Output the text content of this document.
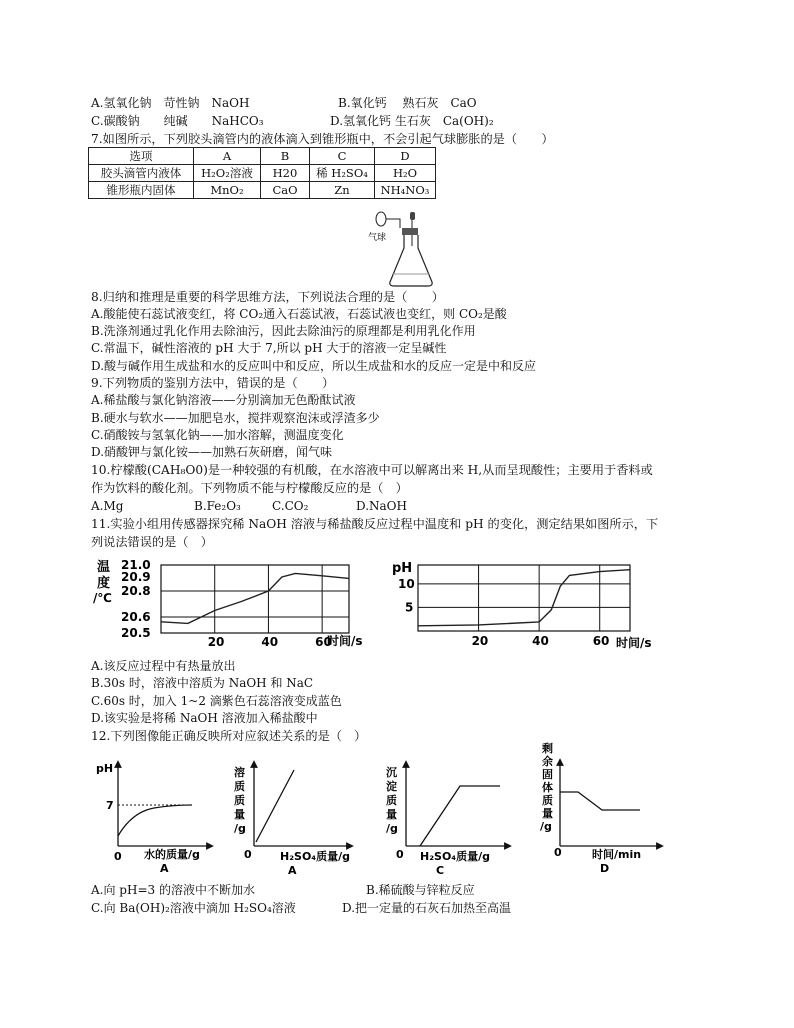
A.氢氧化钠　苛性钠　NaOH	B.氧化钙　 熟石灰　CaO
C.碳酸钠　　纯碱　　NaHCO₃	D.氢氧化钙 生石灰　Ca(OH)₂
7.如图所示，下列胶头滴管内的液体滴入到锥形瓶中，不会引起气球膨胀的是（　　）
选项	A	B	C	D
胶头滴管内液体	H₂O₂溶液	H20	稀 H₂SO₄	H₂O
锥形瓶内固体	MnO₂	CaO	Zn	NH₄NO₃
气球
8.归纳和推理是重要的科学思维方法，下列说法合理的是（　　）
A.酸能使石蕊试液变红，将 CO₂通入石蕊试液，石蕊试液也变红，则 CO₂是酸
B.洗涤剂通过乳化作用去除油污，因此去除油污的原理都是利用乳化作用
C.常温下，碱性溶液的 pH 大于 7,所以 pH 大于的溶液一定呈碱性
D.酸与碱作用生成盐和水的反应叫中和反应，所以生成盐和水的反应一定是中和反应
9.下列物质的鉴别方法中，错误的是（　　）
A.稀盐酸与氯化钠溶液——分别滴加无色酚酞试液
B.硬水与软水——加肥皂水，搅拌观察泡沫或浮渣多少
C.硝酸铵与氢氧化钠——加水溶解，测温度变化
D.硝酸钾与氯化铵——加熟石灰研磨，闻气味
10.柠檬酸(CAH₈O0)是一种较强的有机酸，在水溶液中可以解离出来 H,从而呈现酸性；主要用于香料或
作为饮料的酸化剂。下列物质不能与柠檬酸反应的是（　）
A.Mg	B.Fe₂O₃	C.CO₂	D.NaOH
11.实验小组用传感器探究稀 NaOH 溶液与稀盐酸反应过程中温度和 pH 的变化，测定结果如图所示，下
列说法错误的是（　）
温
度
/℃
20	40	60
20.5
20.6
20.8
20.9
21.0
时间/s
pH
20	40	60
5
10
时间/s
A.该反应过程中有热量放出
B.30s 时，溶液中溶质为 NaOH 和 NaC
C.60s 时，加入 1~2 滴紫色石蕊溶液变成蓝色
D.该实验是将稀 NaOH 溶液加入稀盐酸中
12.下列图像能正确反映所对应叙述关系的是（　）
pH
7
0 水的质量/g
A
溶
质
质
量
/g
0	H₂SO₄质量/g
A
沉
淀
质
量
/g
0 H₂SO₄质量/g
C
剩
余
固
体
质
量
/g
0	时间/min
D
A.向 pH=3 的溶液中不断加水	B.稀硫酸与锌粒反应
C.向 Ba(OH)₂溶液中滴加 H₂SO₄溶液	D.把一定量的石灰石加热至高温
